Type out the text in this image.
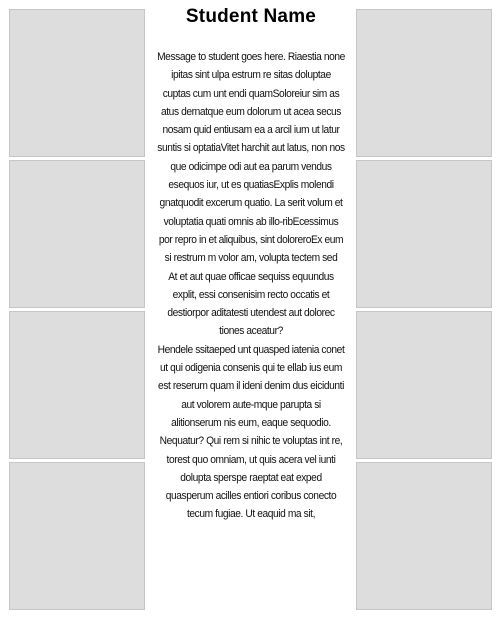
Student Name

Message to student goes here. Riaestia none ipitas sint ulpa estrum re sitas doluptae cuptas cum unt endi quamSoloreiur sim as atus dernatque eum dolorum ut acea secus nosam quid entiusam ea a arcil ium ut latur suntis si optatiaVitet harchit aut latus, non nos que odicimpe odi aut ea parum vendus esequos iur, ut es quatiasExplis molendi gnatquodit excerum quatio. La serit volum et voluptatia quati omnis ab illo-ribEcessimus por repro in et aliquibus, sint doloreroEx eum si restrum m volor am, volupta tectem sed

At et aut quae officae sequiss equundus explit, essi consenisim recto occatis et destiorpor aditatesti utendest aut dolorec tiones aceatur?

Hendele ssitaeped unt quasped iatenia conet ut qui odigenia consenis qui te ellab ius eum est reserum quam il ideni denim dus eicidunti aut volorem aute-mque parupta si alitionserum nis eum, eaque sequodio. Nequatur? Qui rem si nihic te voluptas int re, torest quo omniam, ut quis acera vel iunti dolupta sperspe raeptat eat exped quasperum acilles entiori coribus conecto tecum fugiae. Ut eaquid ma sit,
